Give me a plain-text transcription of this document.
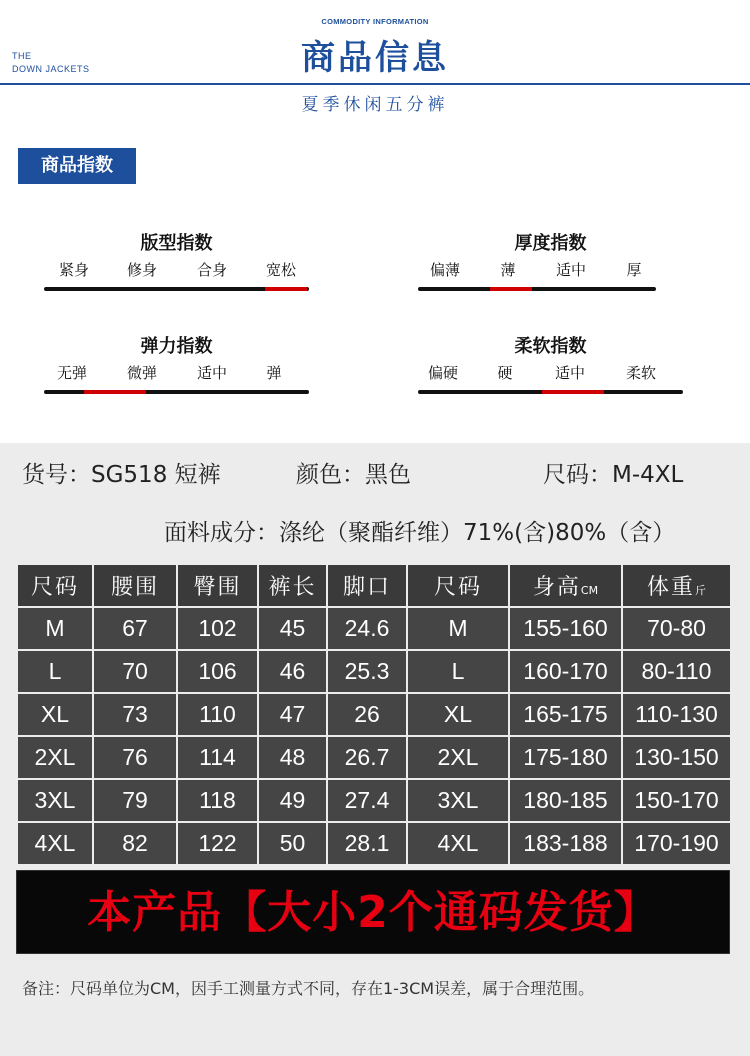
THE
DOWN JACKETS
COMMODITY INFORMATION
商品信息
夏季休闲五分裤
商品指数
版型指数
紧身	修身	合身	宽松
厚度指数
偏薄	薄	适中	厚
弹力指数
无弹	微弹	适中	弹
柔软指数
偏硬	硬	适中	柔软
货号：SG518 短裤	颜色：黑色	尺码：M-4XL
面料成分：涤纶（聚酯纤维）71%(含)80%（含）
尺码	腰围	臀围	裤长	脚口	尺码	身高CM	体重斤
M	67	102	45	24.6	M	155-160	70-80
L	70	106	46	25.3	L	160-170	80-110
XL	73	110	47	26	XL	165-175	110-130
2XL	76	114	48	26.7	2XL	175-180	130-150
3XL	79	118	49	27.4	3XL	180-185	150-170
4XL	82	122	50	28.1	4XL	183-188	170-190
本产品【大小2个通码发货】
备注：尺码单位为CM，因手工测量方式不同，存在1-3CM误差，属于合理范围。
